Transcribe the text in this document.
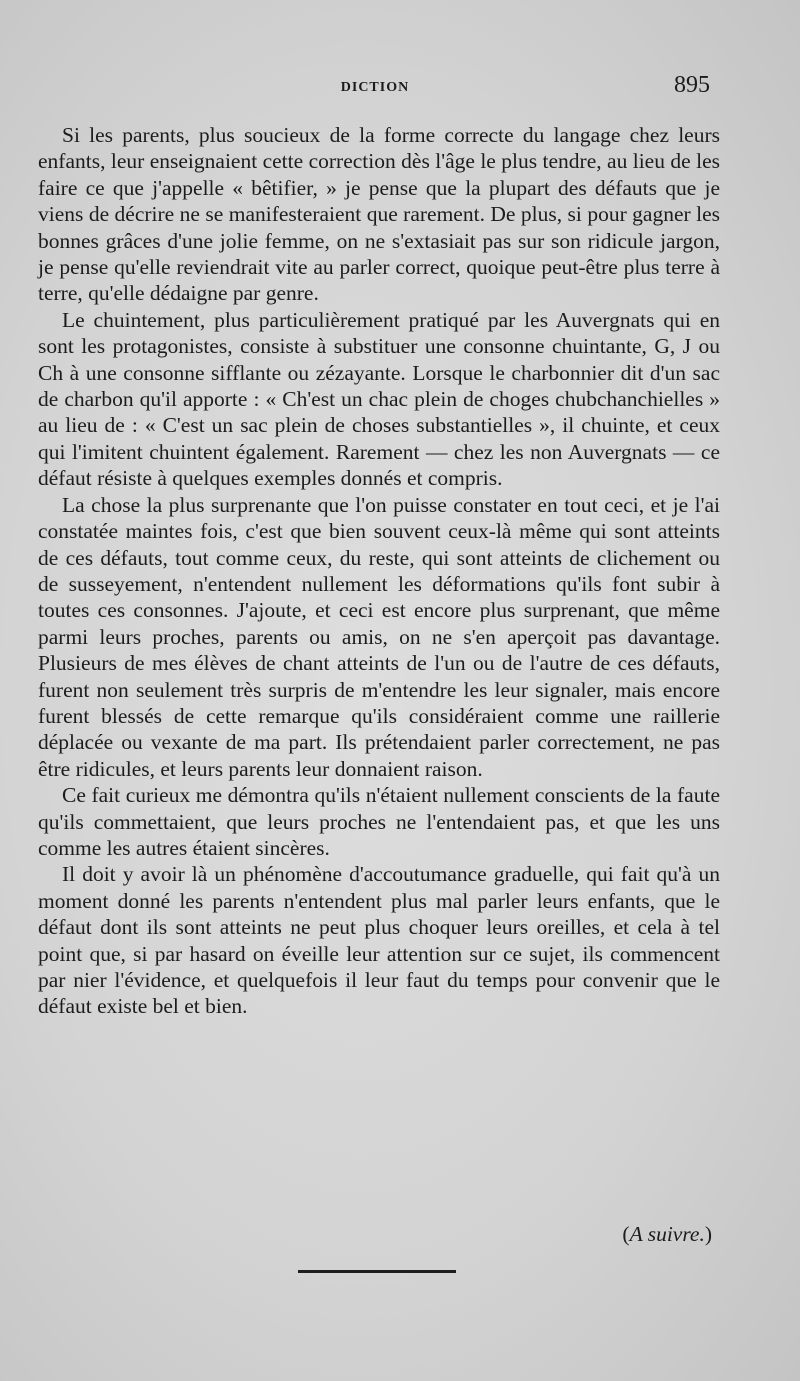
DICTION	895

Si les parents, plus soucieux de la forme correcte du langage chez leurs enfants, leur enseignaient cette correction dès l'âge le plus tendre, au lieu de les faire ce que j'appelle « bêtifier, » je pense que la plupart des défauts que je viens de décrire ne se manifesteraient que rarement. De plus, si pour gagner les bonnes grâces d'une jolie femme, on ne s'extasiait pas sur son ridicule jargon, je pense qu'elle reviendrait vite au parler correct, quoique peut-être plus terre à terre, qu'elle dédaigne par genre.

Le chuintement, plus particulièrement pratiqué par les Auvergnats qui en sont les protagonistes, consiste à substituer une consonne chuintante, G, J ou Ch à une consonne sifflante ou zézayante. Lorsque le charbonnier dit d'un sac de charbon qu'il apporte : « Ch'est un chac plein de choges chubchanchielles » au lieu de : « C'est un sac plein de choses substantielles », il chuinte, et ceux qui l'imitent chuintent également. Rarement — chez les non Auvergnats — ce défaut résiste à quelques exemples donnés et compris.

La chose la plus surprenante que l'on puisse constater en tout ceci, et je l'ai constatée maintes fois, c'est que bien souvent ceux-là même qui sont atteints de ces défauts, tout comme ceux, du reste, qui sont atteints de clichement ou de susseyement, n'entendent nullement les déformations qu'ils font subir à toutes ces consonnes. J'ajoute, et ceci est encore plus surprenant, que même parmi leurs proches, parents ou amis, on ne s'en aperçoit pas davantage. Plusieurs de mes élèves de chant atteints de l'un ou de l'autre de ces défauts, furent non seulement très surpris de m'entendre les leur signaler, mais encore furent blessés de cette remarque qu'ils considéraient comme une raillerie déplacée ou vexante de ma part. Ils prétendaient parler correctement, ne pas être ridicules, et leurs parents leur donnaient raison.

Ce fait curieux me démontra qu'ils n'étaient nullement conscients de la faute qu'ils commettaient, que leurs proches ne l'entendaient pas, et que les uns comme les autres étaient sincères.

Il doit y avoir là un phénomène d'accoutumance graduelle, qui fait qu'à un moment donné les parents n'entendent plus mal parler leurs enfants, que le défaut dont ils sont atteints ne peut plus choquer leurs oreilles, et cela à tel point que, si par hasard on éveille leur attention sur ce sujet, ils commencent par nier l'évidence, et quelquefois il leur faut du temps pour convenir que le défaut existe bel et bien.

(A suivre.)
